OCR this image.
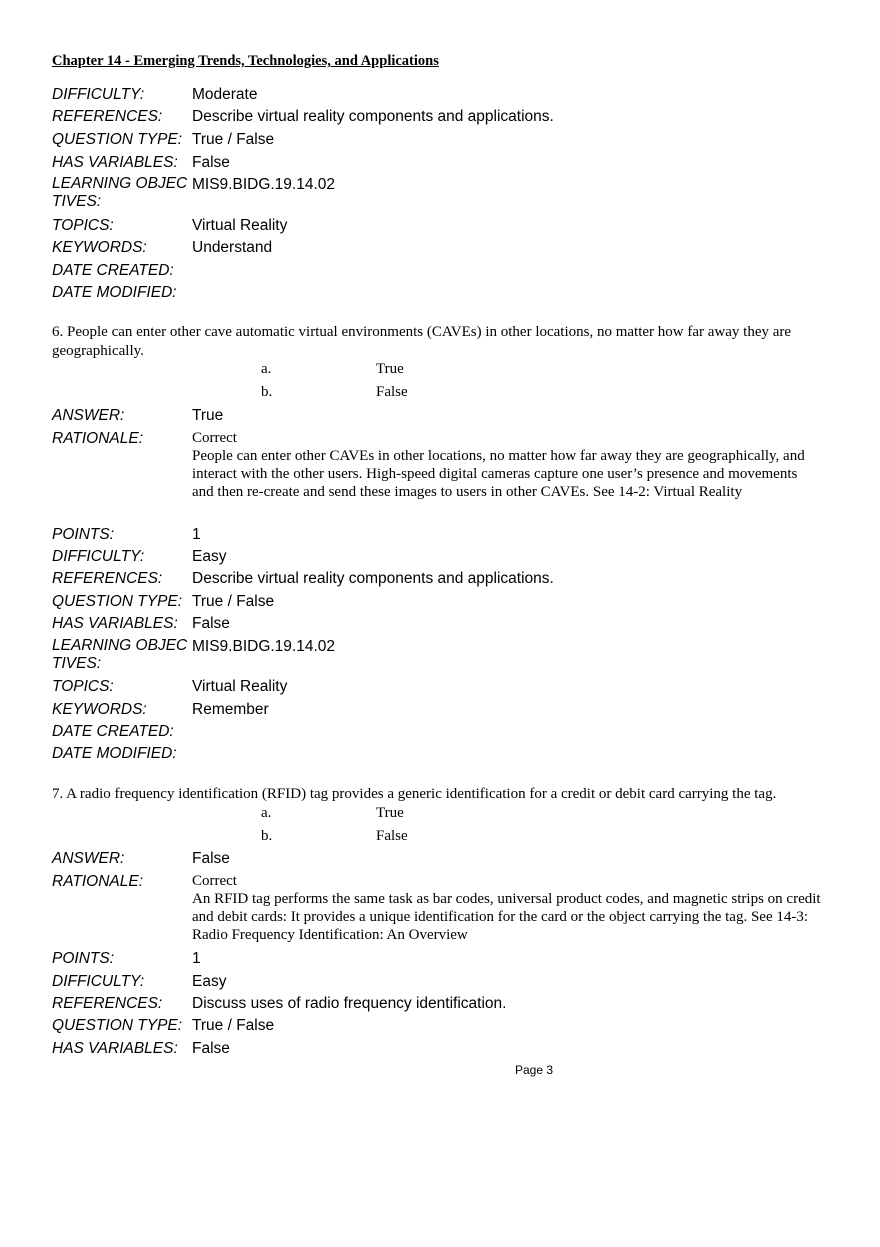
Chapter 14 - Emerging Trends, Technologies, and Applications
DIFFICULTY:	Moderate
REFERENCES:	Describe virtual reality components and applications.
QUESTION TYPE: True / False
HAS VARIABLES: False
LEARNING OBJEC
TIVES:
MIS9.BIDG.19.14.02
TOPICS:	Virtual Reality
KEYWORDS:	Understand
DATE CREATED:
DATE MODIFIED:
6. People can enter other cave automatic virtual environments (CAVEs) in other locations, no matter how far away they are geographically.
a.	True
b.	False
ANSWER:	True
RATIONALE:	Correct
People can enter other CAVEs in other locations, no matter how far away they are geographically, and interact with the other users. High-speed digital cameras capture one user’s presence and movements and then re-create and send these images to users in other CAVEs. See 14-2: Virtual Reality
POINTS:	1
DIFFICULTY:	Easy
REFERENCES:	Describe virtual reality components and applications.
QUESTION TYPE: True / False
HAS VARIABLES: False
LEARNING OBJEC
TIVES:
MIS9.BIDG.19.14.02
TOPICS:	Virtual Reality
KEYWORDS:	Remember
DATE CREATED:
DATE MODIFIED:
7. A radio frequency identification (RFID) tag provides a generic identification for a credit or debit card carrying the tag.
a.	True
b.	False
ANSWER:	False
RATIONALE:	Correct
An RFID tag performs the same task as bar codes, universal product codes, and magnetic strips on credit and debit cards: It provides a unique identification for the card or the object carrying the tag. See 14-3: Radio Frequency Identification: An Overview
POINTS:	1
DIFFICULTY:	Easy
REFERENCES:	Discuss uses of radio frequency identification.
QUESTION TYPE: True / False
HAS VARIABLES: False
Page 3
